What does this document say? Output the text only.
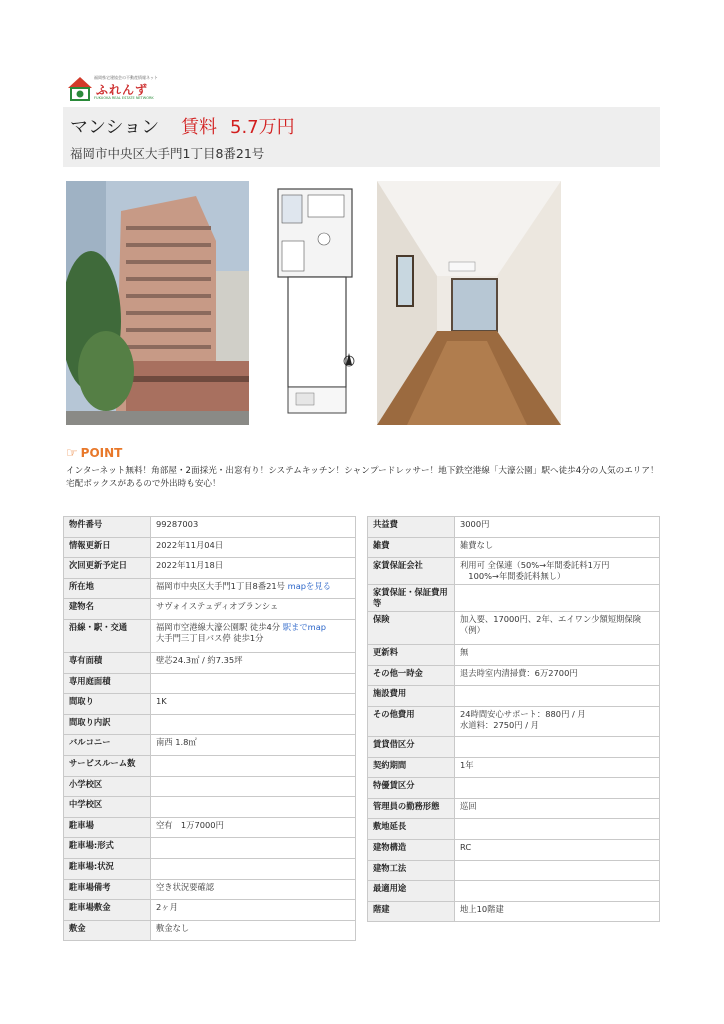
福岡県宅建協会の不動産情報ネット
ふれんず
FUKUOKA REAL ESTATE NETWORK
マンション 賃料 5.7万円
福岡市中央区大手門1丁目8番21号
☞ POINT
インターネット無料！角部屋・2面採光・出窓有り！システムキッチン！シャンプードレッサー！地下鉄空港線「大濠公園」駅へ徒歩4分の人気のエリア！宅配ボックスがあるので外出時も安心！
物件番号	99287003
情報更新日	2022年11月04日
次回更新予定日	2022年11月18日
所在地	福岡市中央区大手門1丁目8番21号 mapを見る
建物名	サヴォイステュディオブランシェ
沿線・駅・交通	福岡市空港線大濠公園駅 徒歩4分 駅までmap
大手門三丁目バス停 徒歩1分
専有面積	壁芯24.3㎡ / 約7.35坪
専用庭面積	
間取り	1K
間取り内訳	
バルコニー	南西 1.8㎡
サービスルーム数	
小学校区	
中学校区	
駐車場	空有　1万7000円
駐車場:形式	
駐車場:状況	
駐車場備考	空き状況要確認
駐車場敷金	2ヶ月
敷金	敷金なし
共益費	3000円
雑費	雑費なし
家賃保証会社	利用可 全保連（50%→年間委託料1万円
　100%→年間委託料無し）
家賃保証・保証費用等	
保険	加入要、17000円、2年、エイワン少額短期保険（例）
更新料	無
その他一時金	退去時室内清掃費：6万2700円
施設費用	
その他費用	24時間安心サポート：880円 / 月
水道料：2750円 / 月
賃貸借区分	
契約期間	1年
特優賃区分	
管理員の勤務形態	巡回
敷地延長	
建物構造	RC
建物工法	
最適用途	
階建	地上10階建
